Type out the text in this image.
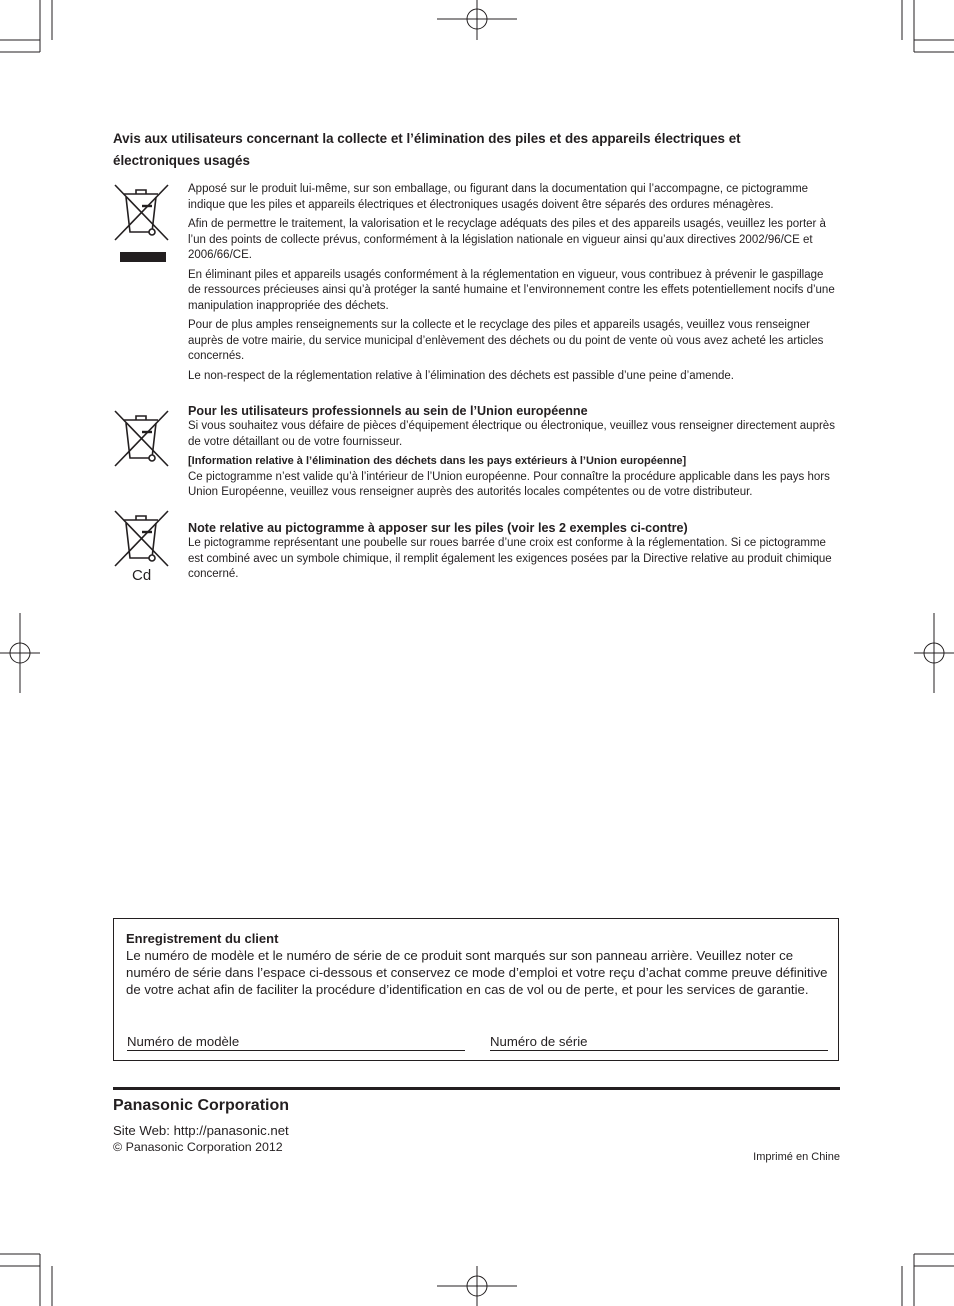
Avis aux utilisateurs concernant la collecte et l’élimination des piles et des appareils électriques et électroniques usagés

Apposé sur le produit lui-même, sur son emballage, ou figurant dans la documentation qui l’accompagne, ce pictogramme indique que les piles et appareils électriques et électroniques usagés doivent être séparés des ordures ménagères.

Afin de permettre le traitement, la valorisation et le recyclage adéquats des piles et des appareils usagés, veuillez les porter à l’un des points de collecte prévus, conformément à la législation nationale en vigueur ainsi qu’aux directives 2002/96/CE et 2006/66/CE.

En éliminant piles et appareils usagés conformément à la réglementation en vigueur, vous contribuez à prévenir le gaspillage de ressources précieuses ainsi qu’à protéger la santé humaine et l’environnement contre les effets potentiellement nocifs d’une manipulation inappropriée des déchets.

Pour de plus amples renseignements sur la collecte et le recyclage des piles et appareils usagés, veuillez vous renseigner auprès de votre mairie, du service municipal d’enlèvement des déchets ou du point de vente où vous avez acheté les articles concernés.

Le non-respect de la réglementation relative à l’élimination des déchets est passible d’une peine d’amende.

Pour les utilisateurs professionnels au sein de l’Union européenne

Si vous souhaitez vous défaire de pièces d’équipement électrique ou électronique, veuillez vous renseigner directement auprès de votre détaillant ou de votre fournisseur.

[Information relative à l’élimination des déchets dans les pays extérieurs à l’Union européenne]

Ce pictogramme n’est valide qu’à l’intérieur de l’Union européenne. Pour connaître la procédure applicable dans les pays hors Union Européenne, veuillez vous renseigner auprès des autorités locales compétentes ou de votre distributeur.

Cd

Note relative au pictogramme à apposer sur les piles (voir les 2 exemples ci-contre)

Le pictogramme représentant une poubelle sur roues barrée d’une croix est conforme à la réglementation. Si ce pictogramme est combiné avec un symbole chimique, il remplit également les exigences posées par la Directive relative au produit chimique concerné.

Enregistrement du client
Le numéro de modèle et le numéro de série de ce produit sont marqués sur son panneau arrière. Veuillez noter ce numéro de série dans l’espace ci-dessous et conservez ce mode d’emploi et votre reçu d’achat comme preuve définitive de votre achat afin de faciliter la procédure d’identification en cas de vol ou de perte, et pour les services de garantie.
Numéro de modèle	Numéro de série
Panasonic Corporation
Site Web: http://panasonic.net
© Panasonic Corporation 2012
Imprimé en Chine
